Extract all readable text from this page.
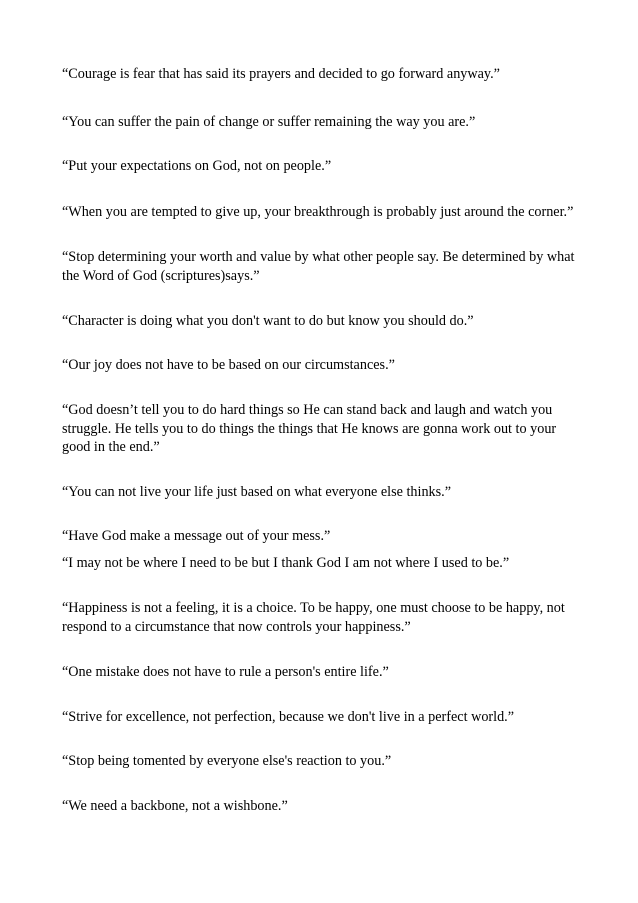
“Courage is fear that has said its prayers and decided to go forward anyway.”

“You can suffer the pain of change or suffer remaining the way you are.”

“Put your expectations on God, not on people.”

“When you are tempted to give up, your breakthrough is probably just around the corner.”

“Stop determining your worth and value by what other people say. Be determined by what the Word of God (scriptures)says.”

“Character is doing what you don't want to do but know you should do.”

“Our joy does not have to be based on our circumstances.”

“God doesn’t tell you to do hard things so He can stand back and laugh and watch you struggle. He tells you to do things the things that He knows are gonna work out to your good in the end.”

“You can not live your life just based on what everyone else thinks.”

“Have God make a message out of your mess.”

“I may not be where I need to be but I thank God I am not where I used to be.”

“Happiness is not a feeling, it is a choice. To be happy, one must choose to be happy, not respond to a circumstance that now controls your happiness.”

“One mistake does not have to rule a person's entire life.”

“Strive for excellence, not perfection, because we don't live in a perfect world.”

“Stop being tomented by everyone else's reaction to you.”

“We need a backbone, not a wishbone.”
